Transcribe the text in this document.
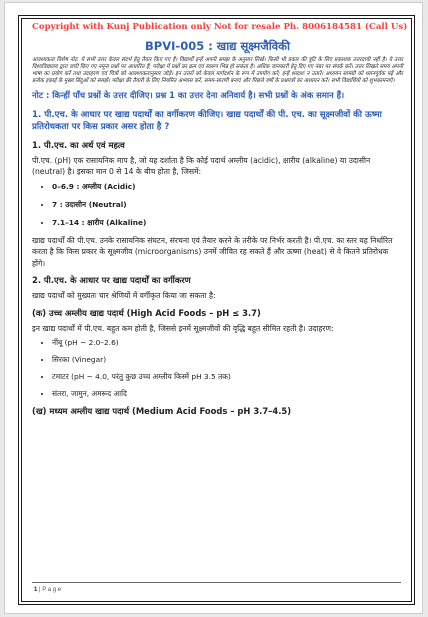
Copyright with Kunj Publication only Not for resale Ph. 8006184581 (Call Us)
BPVI-005 : खाद्य सूक्ष्मजैविकी
आवश्यकता विशेष नोट: ये सभी उत्तर केवल संदर्भ हेतु तैयार किए गए हैं। विद्यार्थी इन्हें अपनी समझ के अनुसार लिखें। किसी भी प्रकार की त्रुटि के लिए प्रकाशक उत्तरदायी नहीं है। ये उत्तर विश्वविद्यालय द्वारा जारी किए गए नमूना प्रश्नों पर आधारित हैं; परीक्षा में प्रश्नों का क्रम एवं स्वरूप भिन्न हो सकता है। अधिक जानकारी हेतु दिए गए नंबर पर संपर्क करें। उत्तर लिखते समय अपनी भाषा का प्रयोग करें तथा उदाहरण एवं चित्रों को आवश्यकतानुसार जोड़ें। इन उत्तरों को केवल मार्गदर्शन के रूप में उपयोग करें; इन्हें शब्दशः न उतारें। अध्ययन सामग्री को ध्यानपूर्वक पढ़ें और प्रत्येक इकाई के मुख्य बिंदुओं को समझें। परीक्षा की तैयारी के लिए नियमित अभ्यास करें, समय-सारणी बनाएं और पिछले वर्षों के प्रश्नपत्रों का अध्ययन करें। सभी विद्यार्थियों को शुभकामनाएँ।
नोट : किन्हीं पाँच प्रश्नों के उत्तर दीजिए। प्रश्न 1 का उत्तर देना अनिवार्य है। सभी प्रश्नों के अंक समान हैं।
1. पी.एच. के आधार पर खाद्य पदार्थों का वर्गीकरण कीजिए। खाद्य पदार्थों की पी. एच. का सूक्ष्मजीवों की ऊष्मा प्रतिरोधकता पर किस प्रकार असर होता है ?
1. पी.एच. का अर्थ एवं महत्व
पी.एच. (pH) एक रासायनिक माप है, जो यह दर्शाता है कि कोई पदार्थ अम्लीय (acidic), क्षारीय (alkaline) या उदासीन (neutral) है। इसका मान 0 से 14 के बीच होता है, जिसमें:
• 0–6.9 : अम्लीय (Acidic)
• 7 : उदासीन (Neutral)
• 7.1–14 : क्षारीय (Alkaline)
खाद्य पदार्थों की पी.एच. उनके रासायनिक संघटन, संरचना एवं तैयार करने के तरीके पर निर्भर करती है। पी.एच. का स्तर यह निर्धारित करता है कि किस प्रकार के सूक्ष्मजीव (microorganisms) उनमें जीवित रह सकते हैं और ऊष्मा (heat) से वे कितने प्रतिरोधक होंगे।
2. पी.एच. के आधार पर खाद्य पदार्थों का वर्गीकरण
खाद्य पदार्थों को मुख्यतः चार श्रेणियों में वर्गीकृत किया जा सकता है:
(क) उच्च अम्लीय खाद्य पदार्थ (High Acid Foods – pH ≤ 3.7)
इन खाद्य पदार्थों में पी.एच. बहुत कम होती है, जिससे इनमें सूक्ष्मजीवों की वृद्धि बहुत सीमित रहती है। उदाहरण:
• नींबू (pH ~ 2.0–2.6)
• सिरका (Vinegar)
• टमाटर (pH ~ 4.0, परंतु कुछ उच्च अम्लीय किस्में pH 3.5 तक)
• संतरा, जामुन, अमरूद आदि
(ख) मध्यम अम्लीय खाद्य पदार्थ (Medium Acid Foods – pH 3.7–4.5)
1 | P a g e
